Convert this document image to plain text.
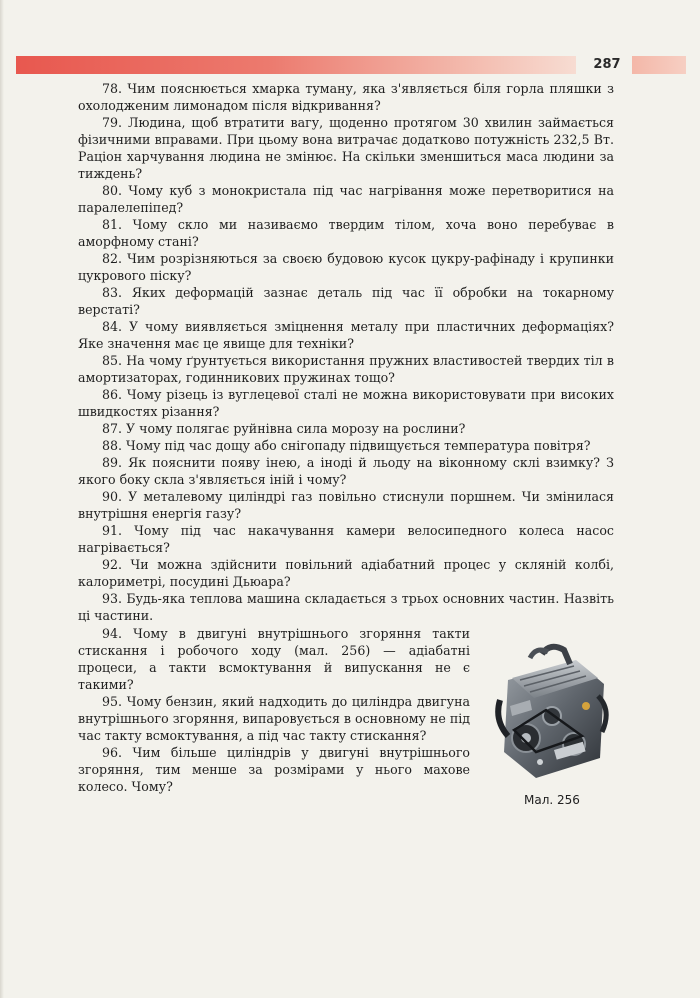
287

78. Чим пояснюється хмарка туману, яка з'являється біля горла пляшки з охолодженим лимонадом після відкривання?

79. Людина, щоб втратити вагу, щоденно протягом 30 хвилин займається фізичними вправами. При цьому вона витрачає додатково потужність 232,5 Вт. Раціон харчування людина не змінює. На скільки зменшиться маса людини за тиждень?

80. Чому куб з монокристала під час нагрівання може перетворитися на паралелепіпед?

81. Чому скло ми називаємо твердим тілом, хоча воно перебуває в аморфному стані?

82. Чим розрізняються за своєю будовою кусок цукру-рафінаду і крупинки цукрового піску?

83. Яких деформацій зазнає деталь під час її обробки на токарному верстаті?

84. У чому виявляється зміцнення металу при пластичних деформаціях? Яке значення має це явище для техніки?

85. На чому ґрунтується використання пружних властивостей твердих тіл в амортизаторах, годинникових пружинах тощо?

86. Чому різець із вуглецевої сталі не можна використовувати при високих швидкостях різання?

87. У чому полягає руйнівна сила морозу на рослини?

88. Чому під час дощу або снігопаду підвищується температура повітря?

89. Як пояснити появу інею, а іноді й льоду на віконному склі взимку? З якого боку скла з'являється іній і чому?

90. У металевому циліндрі газ повільно стиснули поршнем. Чи змінилася внутрішня енергія газу?

91. Чому під час накачування камери велосипедного колеса насос нагрівається?

92. Чи можна здійснити повільний адіабатний процес у скляній колбі, калориметрі, посудині Дьюара?

93. Будь-яка теплова машина складається з трьох основних частин. Назвіть ці частини.

94. Чому в двигуні внутрішнього згоряння такти стискання і робочого ходу (мал. 256) — адіабатні процеси, а такти всмоктування й випускання не є такими?

95. Чому бензин, який надходить до циліндра двигуна внутрішнього згоряння, випаровується в основному не під час такту всмоктування, а під час такту стискання?

96. Чим більше циліндрів у двигуні внутрішнього згоряння, тим менше за розмірами у нього махове колесо. Чому?

Мал. 256
